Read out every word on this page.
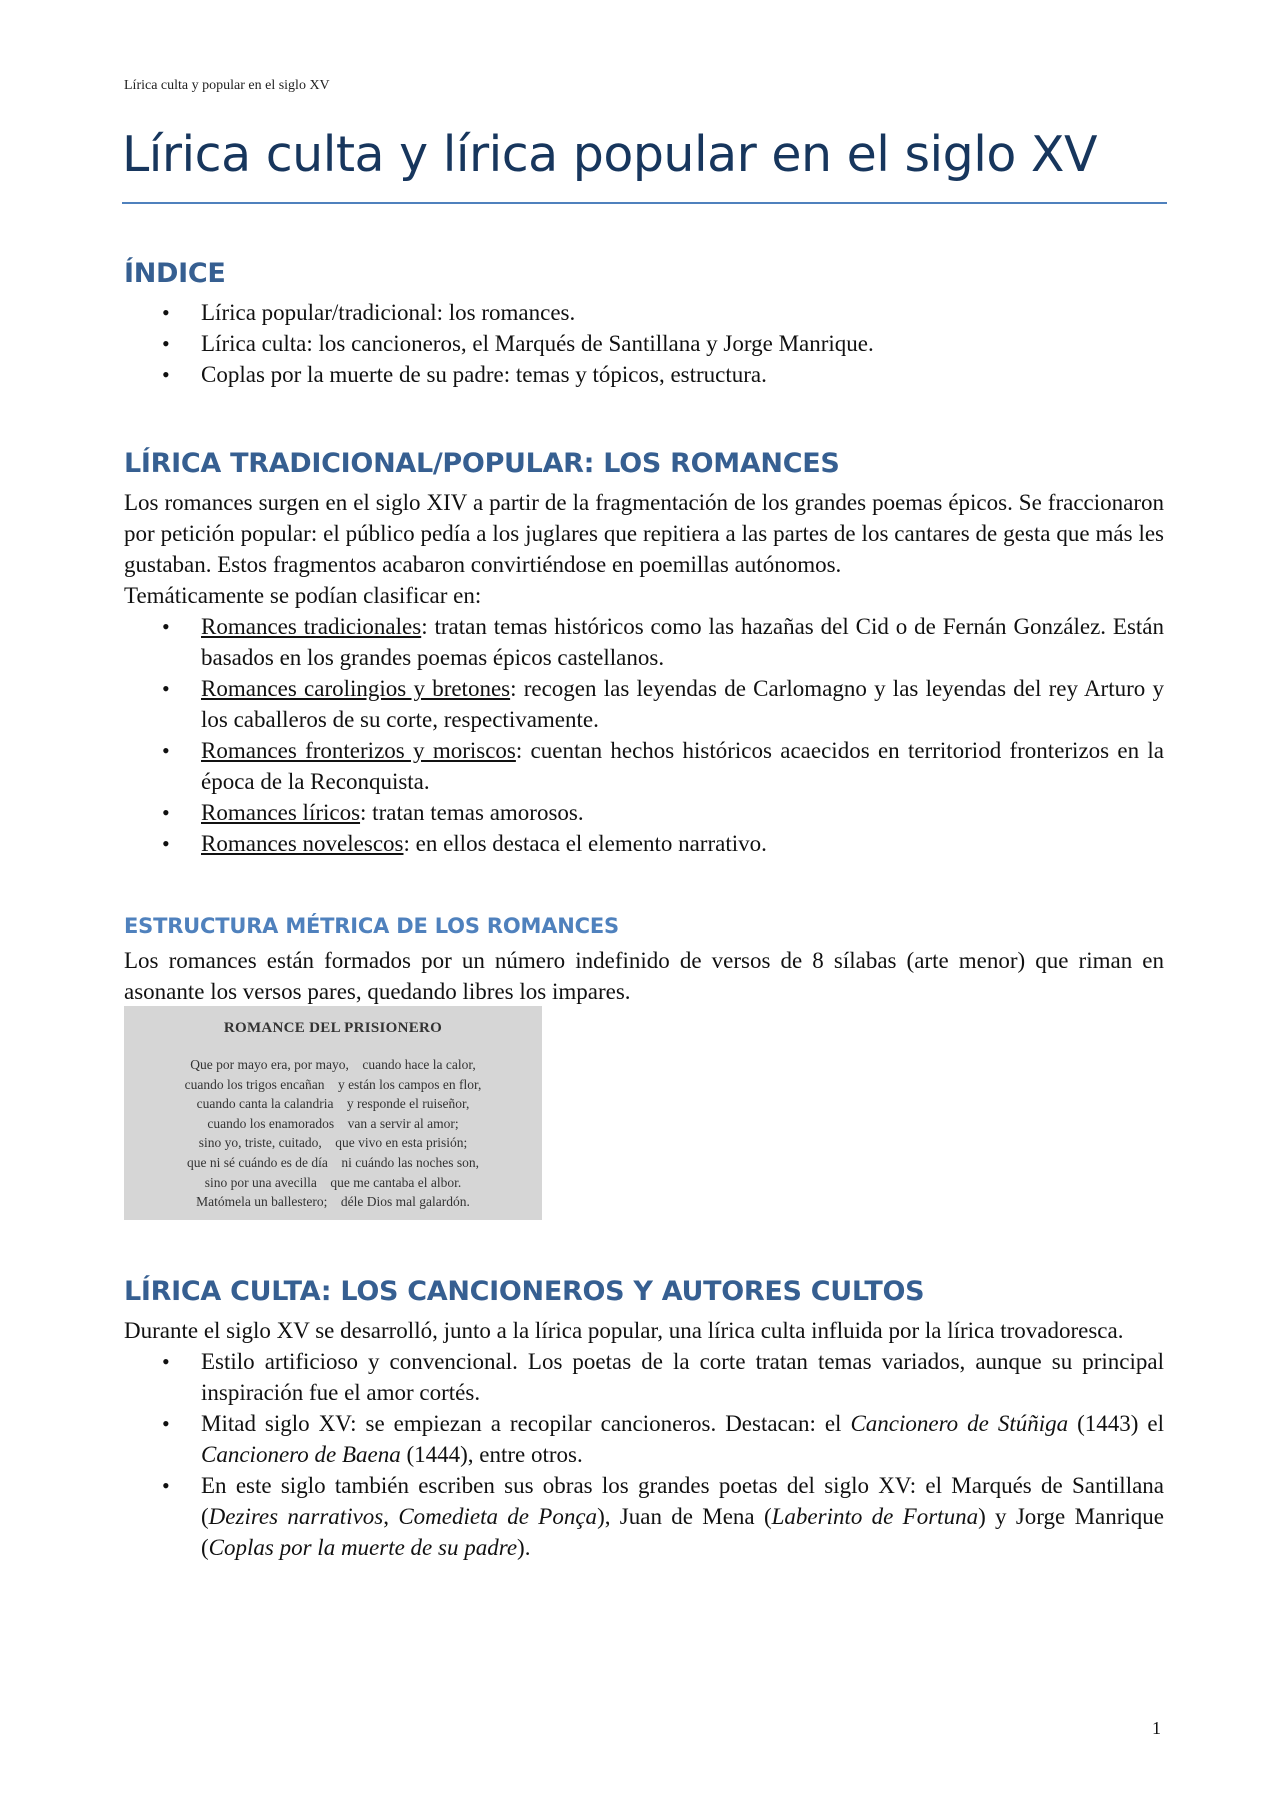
Lírica culta y popular en el siglo XV
Lírica culta y lírica popular en el siglo XV
ÍNDICE
• Lírica popular/tradicional: los romances.
• Lírica culta: los cancioneros, el Marqués de Santillana y Jorge Manrique.
• Coplas por la muerte de su padre: temas y tópicos, estructura.
LÍRICA TRADICIONAL/POPULAR: LOS ROMANCES

Los romances surgen en el siglo XIV a partir de la fragmentación de los grandes poemas épicos. Se fraccionaron por petición popular: el público pedía a los juglares que repitiera a las partes de los cantares de gesta que más les gustaban. Estos fragmentos acabaron convirtiéndose en poemillas autónomos.

Temáticamente se podían clasificar en:

• Romances tradicionales: tratan temas históricos como las hazañas del Cid o de Fernán González. Están basados en los grandes poemas épicos castellanos.
• Romances carolingios y bretones: recogen las leyendas de Carlomagno y las leyendas del rey Arturo y los caballeros de su corte, respectivamente.
• Romances fronterizos y moriscos: cuentan hechos históricos acaecidos en territoriod fronterizos en la época de la Reconquista.
• Romances líricos: tratan temas amorosos.
• Romances novelescos: en ellos destaca el elemento narrativo.
ESTRUCTURA MÉTRICA DE LOS ROMANCES

Los romances están formados por un número indefinido de versos de 8 sílabas (arte menor) que riman en asonante los versos pares, quedando libres los impares.

ROMANCE DEL PRISIONERO
Que por mayo era, por mayo,    cuando hace la calor,
cuando los trigos encañan    y están los campos en flor,
cuando canta la calandria    y responde el ruiseñor,
cuando los enamorados    van a servir al amor;
sino yo, triste, cuitado,    que vivo en esta prisión;
que ni sé cuándo es de día    ni cuándo las noches son,
sino por una avecilla    que me cantaba el albor.
Matómela un ballestero;    déle Dios mal galardón.
LÍRICA CULTA: LOS CANCIONEROS Y AUTORES CULTOS

Durante el siglo XV se desarrolló, junto a la lírica popular, una lírica culta influida por la lírica trovadoresca.

• Estilo artificioso y convencional. Los poetas de la corte tratan temas variados, aunque su principal inspiración fue el amor cortés.
• Mitad siglo XV: se empiezan a recopilar cancioneros. Destacan: el Cancionero de Stúñiga (1443) el Cancionero de Baena (1444), entre otros.
• En este siglo también escriben sus obras los grandes poetas del siglo XV: el Marqués de Santillana (Dezires narrativos, Comedieta de Ponça), Juan de Mena (Laberinto de Fortuna) y Jorge Manrique (Coplas por la muerte de su padre).
1
